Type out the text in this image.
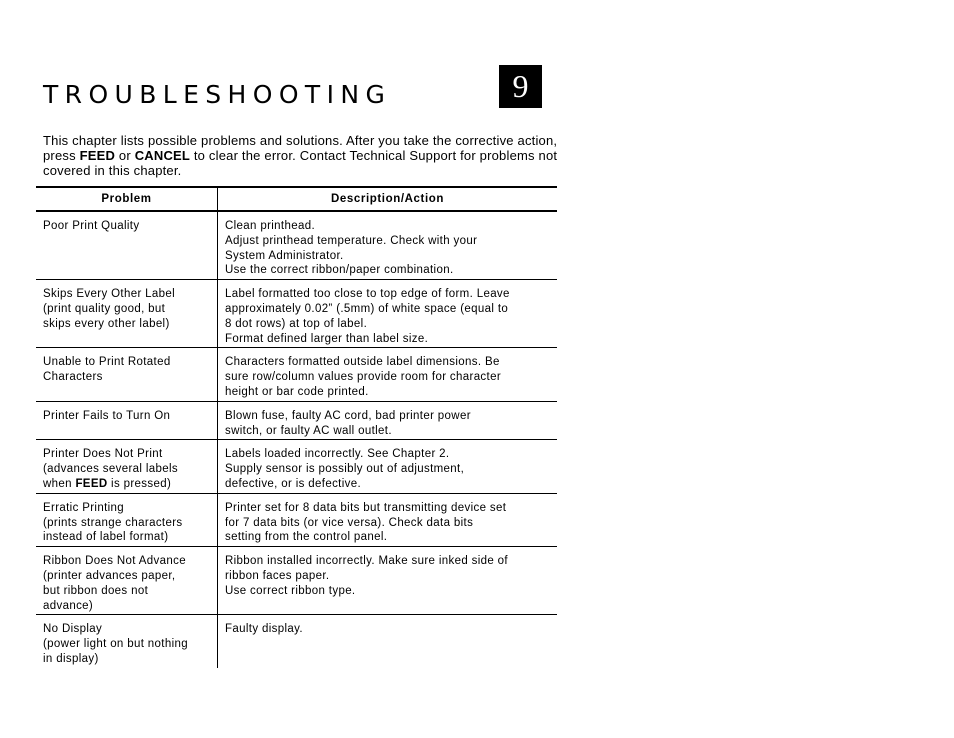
TROUBLESHOOTING	9
This chapter lists possible problems and solutions. After you take the corrective action, press FEED or CANCEL to clear the error. Contact Technical Support for problems not covered in this chapter.
Problem	Description/Action

Poor Print Quality	Clean printhead.
Adjust printhead temperature. Check with your
System Administrator.
Use the correct ribbon/paper combination.

Skips Every Other Label
(print quality good, but
skips every other label)	Label formatted too close to top edge of form. Leave
approximately 0.02” (.5mm) of white space (equal to
8 dot rows) at top of label.
Format defined larger than label size.

Unable to Print Rotated
Characters	Characters formatted outside label dimensions. Be
sure row/column values provide room for character
height or bar code printed.

Printer Fails to Turn On	Blown fuse, faulty AC cord, bad printer power
switch, or faulty AC wall outlet.

Printer Does Not Print
(advances several labels
when FEED is pressed)	Labels loaded incorrectly. See Chapter 2.
Supply sensor is possibly out of adjustment,
defective, or is defective.

Erratic Printing
(prints strange characters
instead of label format)	Printer set for 8 data bits but transmitting device set
for 7 data bits (or vice versa). Check data bits
setting from the control panel.

Ribbon Does Not Advance
(printer advances paper,
but ribbon does not
advance)	Ribbon installed incorrectly. Make sure inked side of
ribbon faces paper.
Use correct ribbon type.

No Display
(power light on but nothing
in display)	Faulty display.
